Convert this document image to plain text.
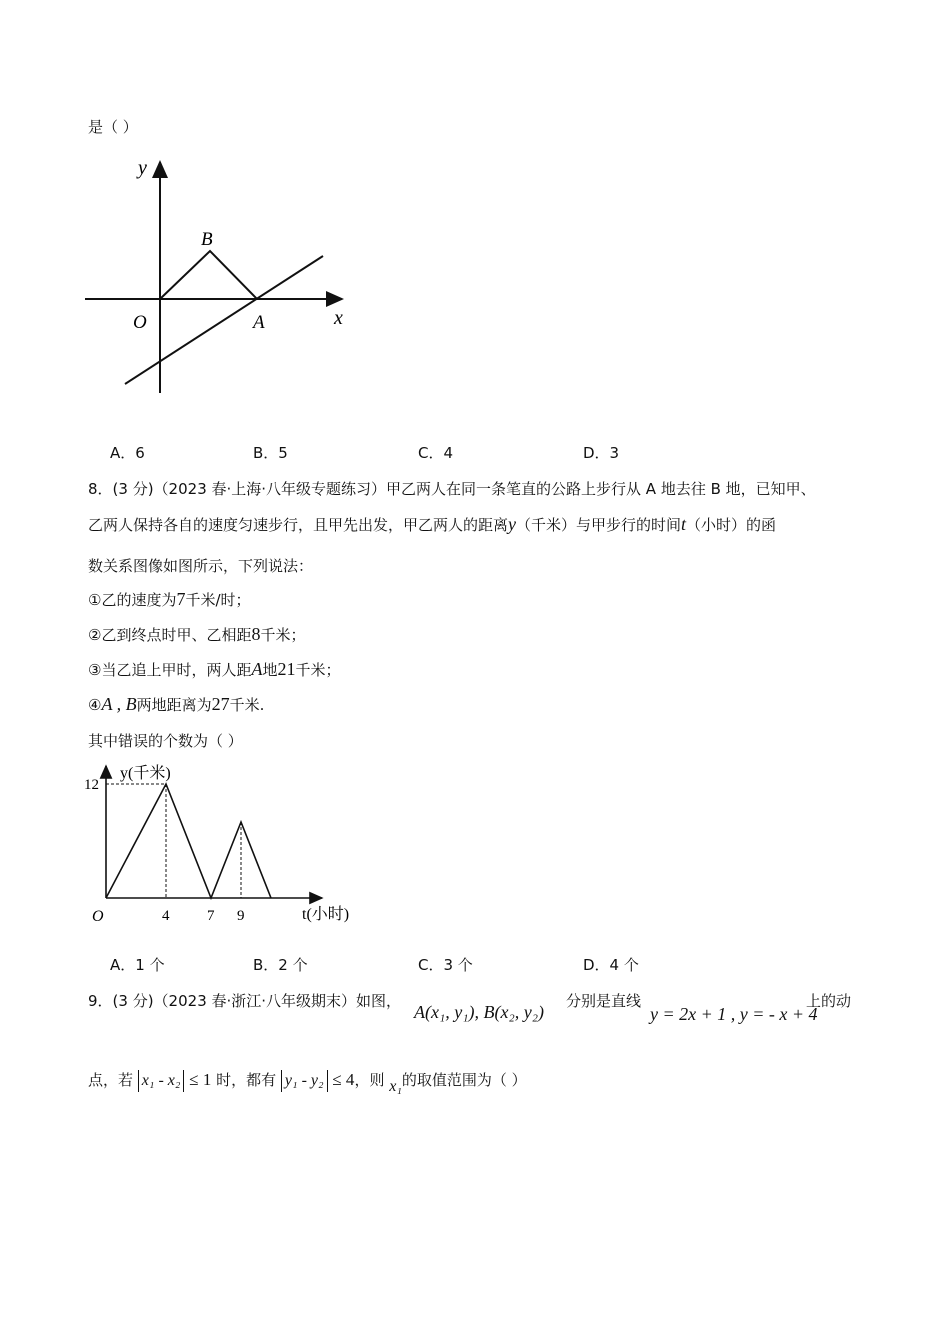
是（ ）
y
B
O	A	x
A．6	B．5	C．4	D．3
8．(3 分)（2023 春·上海·八年级专题练习）甲乙两人在同一条笔直的公路上步行从 A 地去往 B 地，已知甲、
乙两人保持各自的速度匀速步行，且甲先出发，甲乙两人的距离y（千米）与甲步行的时间t（小时）的函
数关系图像如图所示，下列说法：
①乙的速度为7千米/时；
②乙到终点时甲、乙相距8千米；
③当乙追上甲时，两人距A地21千米；
④A , B两地距离为27千米.
其中错误的个数为（ ）
4	7 9
12
y(千米)
t(小时)
O
A．1 个	B．2 个	C．3 个	D．4 个
9．(3 分)（2023 春·浙江·八年级期末）如图，
A(x₁, y₁), B(x₂, y₂)
分别是直线
y = 2x + 1 , y = - x + 4
上的动
点，若 x₁ - x₂ ≤ 1 时，都有 y₁ - y₂ ≤ 4，则 x₁的取值范围为（ ）
